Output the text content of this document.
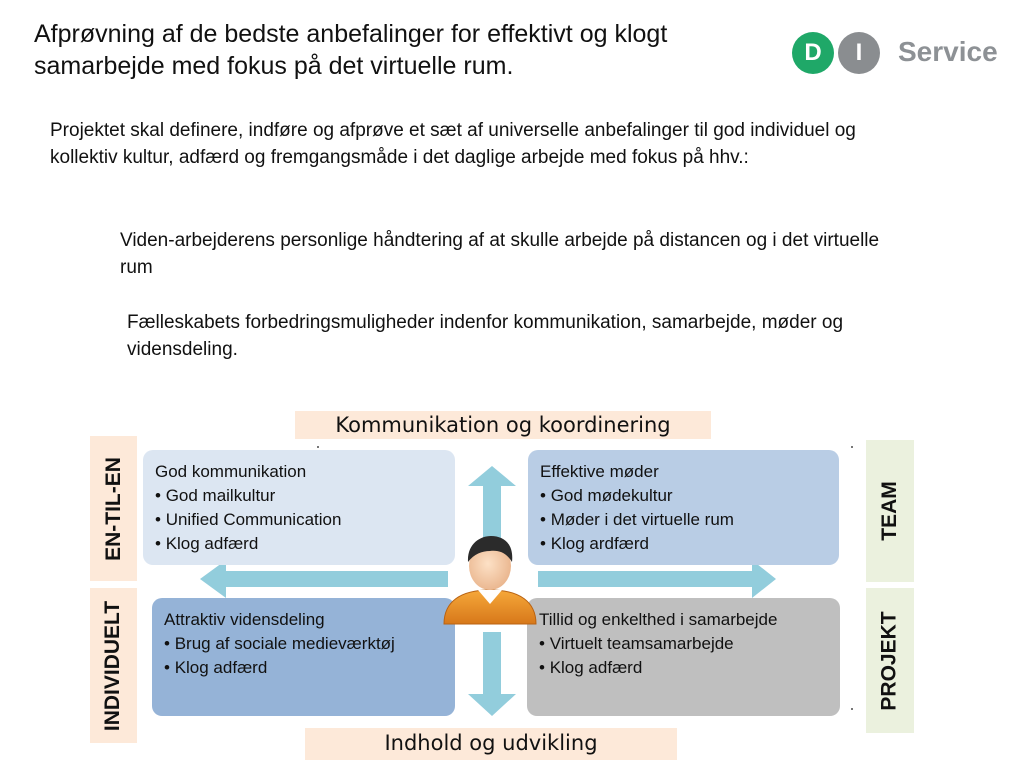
Afprøvning af de bedste anbefalinger for effektivt og klogt samarbejde med fokus på det virtuelle rum.	D	I	Service
Projektet skal definere, indføre og afprøve et sæt af universelle anbefalinger til god individuel og kollektiv kultur, adfærd og fremgangsmåde i det daglige arbejde med fokus på hhv.:
Viden-arbejderens personlige håndtering af at skulle arbejde på distancen og i det virtuelle rum
Fælleskabets forbedringsmuligheder indenfor kommunikation, samarbejde, møder og vidensdeling.
Kommunikation og koordinering
Indhold og udvikling
EN-TIL-EN
INDIVIDUELT
TEAM
PROJEKT
God kommunikation
• God mailkultur
• Unified Communication
• Klog adfærd
Effektive møder
• God mødekultur
• Møder i det virtuelle rum
• Klog ardfærd
Attraktiv vidensdeling
• Brug af sociale medieværktøj
• Klog adfærd
Tillid og enkelthed i samarbejde
• Virtuelt teamsamarbejde
• Klog adfærd
